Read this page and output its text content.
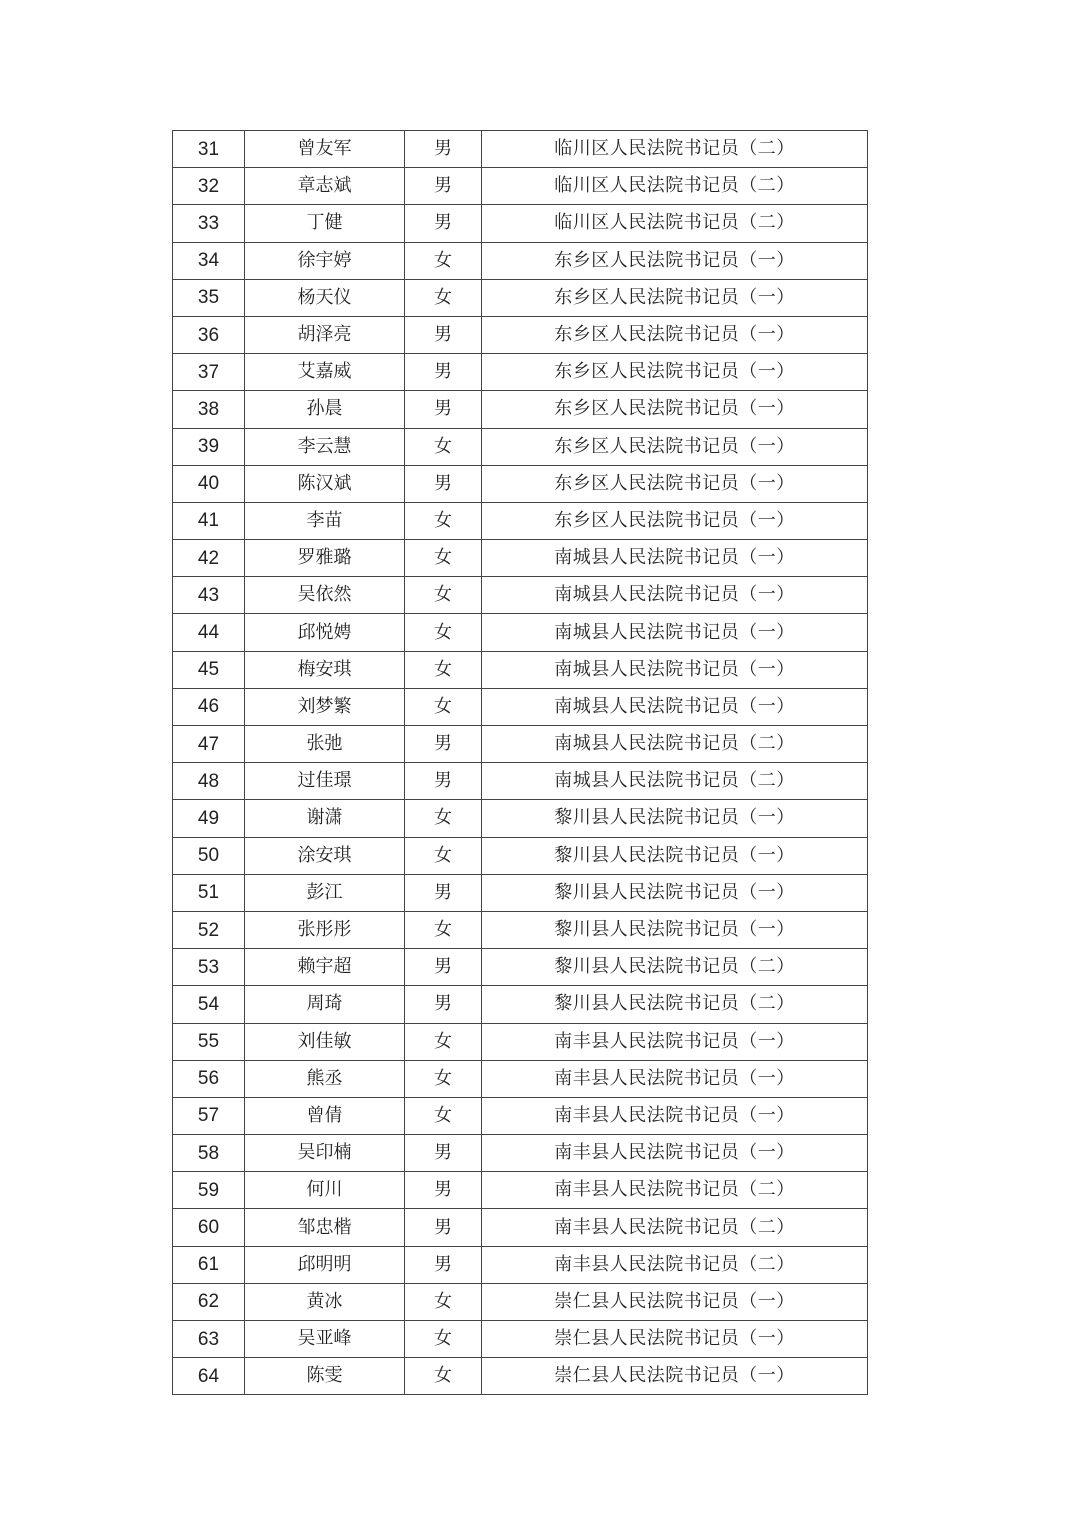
31	曾友军	男	临川区人民法院书记员（二）
32	章志斌	男	临川区人民法院书记员（二）
33	丁健	男	临川区人民法院书记员（二）
34	徐宇婷	女	东乡区人民法院书记员（一）
35	杨天仪	女	东乡区人民法院书记员（一）
36	胡泽亮	男	东乡区人民法院书记员（一）
37	艾嘉威	男	东乡区人民法院书记员（一）
38	孙晨	男	东乡区人民法院书记员（一）
39	李云慧	女	东乡区人民法院书记员（一）
40	陈汉斌	男	东乡区人民法院书记员（一）
41	李苗	女	东乡区人民法院书记员（一）
42	罗雅璐	女	南城县人民法院书记员（一）
43	吴依然	女	南城县人民法院书记员（一）
44	邱悦娉	女	南城县人民法院书记员（一）
45	梅安琪	女	南城县人民法院书记员（一）
46	刘梦繁	女	南城县人民法院书记员（一）
47	张弛	男	南城县人民法院书记员（二）
48	过佳璟	男	南城县人民法院书记员（二）
49	谢潇	女	黎川县人民法院书记员（一）
50	涂安琪	女	黎川县人民法院书记员（一）
51	彭江	男	黎川县人民法院书记员（一）
52	张彤彤	女	黎川县人民法院书记员（一）
53	赖宇超	男	黎川县人民法院书记员（二）
54	周琦	男	黎川县人民法院书记员（二）
55	刘佳敏	女	南丰县人民法院书记员（一）
56	熊丞	女	南丰县人民法院书记员（一）
57	曾倩	女	南丰县人民法院书记员（一）
58	吴印楠	男	南丰县人民法院书记员（一）
59	何川	男	南丰县人民法院书记员（二）
60	邹忠楷	男	南丰县人民法院书记员（二）
61	邱明明	男	南丰县人民法院书记员（二）
62	黄冰	女	崇仁县人民法院书记员（一）
63	吴亚峰	女	崇仁县人民法院书记员（一）
64	陈雯	女	崇仁县人民法院书记员（一）
